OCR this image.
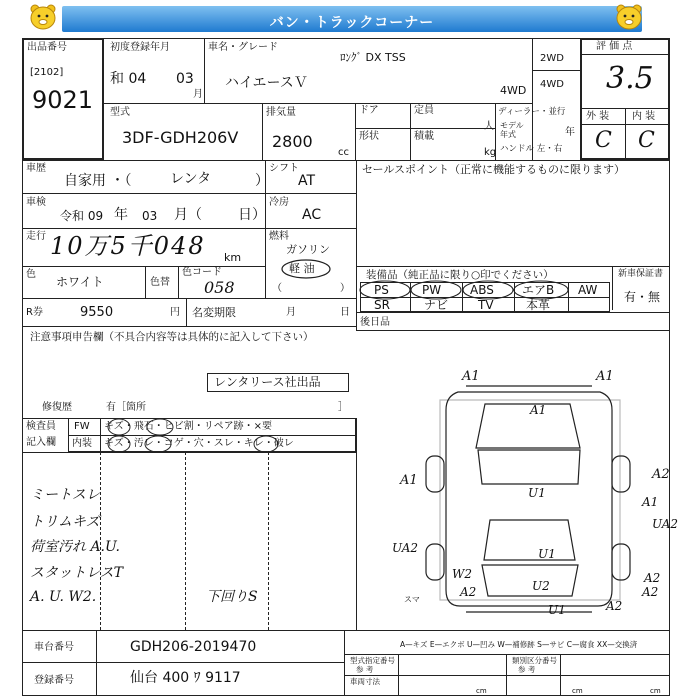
バン・トラックコーナー
出品番号
[2102]
9021
初度登録年月
和 04 03
月
車名・グレード
ﾛﾝｸﾞ DX TSS
ハイエースＶ	4WD
2WD
4WD
評 価 点
3.5
外 装 内 装
C C
型式
3DF-GDH206V
排気量
2800
cc
ドア	定員
人
形状	積載
kg
ディーラー・並行
モデル
年式	年
ハンドル 左・右
車歴
自家用 ・（	レンタ	）
シフト
AT
セールスポイント（正常に機能するものに限ります）
車検
令和 09 年 03 月（	日）
冷房
AC
走行 10万5千048 km
燃料
ガソリン
軽 油
（	）
色
ホワイト	色替
色コード
058
装備品（純正品に限り○印でください）	新車保証書
有・無
PS	PW ABS エアB AW
SR	ナビ TV	本革
R券	9550	円 名変期限	月	日
後日品
注意事項申告欄（不具合内容等は具体的に記入して下さい）
レンタリース社出品
修復歴	有［箇所	］
検査員
記入欄
FW キズ・飛石・ヒビ割・リペア跡・×要
内装 キズ・汚レ・コゲ・穴・スレ・キレ・破レ
ミートスレ
トリムキズ
荷室汚れ A.U.
スタットレスT
A. U. W2.	下回りS
A1	A1
A1
A1
U1
A2
A1
UA2
UA2
U1
W2
U2
A2
A2
U1
A2
A2
スマ
車台番号	GDH206-2019470
登録番号	仙台 400 ﾜ 9117
A—キズ E—エクボ U—凹み W—補修跡 S—サビ C—腐食 XX—交換済
型式指定番号
参 考
類別区分番号
参 考
車両寸法
cm	cm	cm
